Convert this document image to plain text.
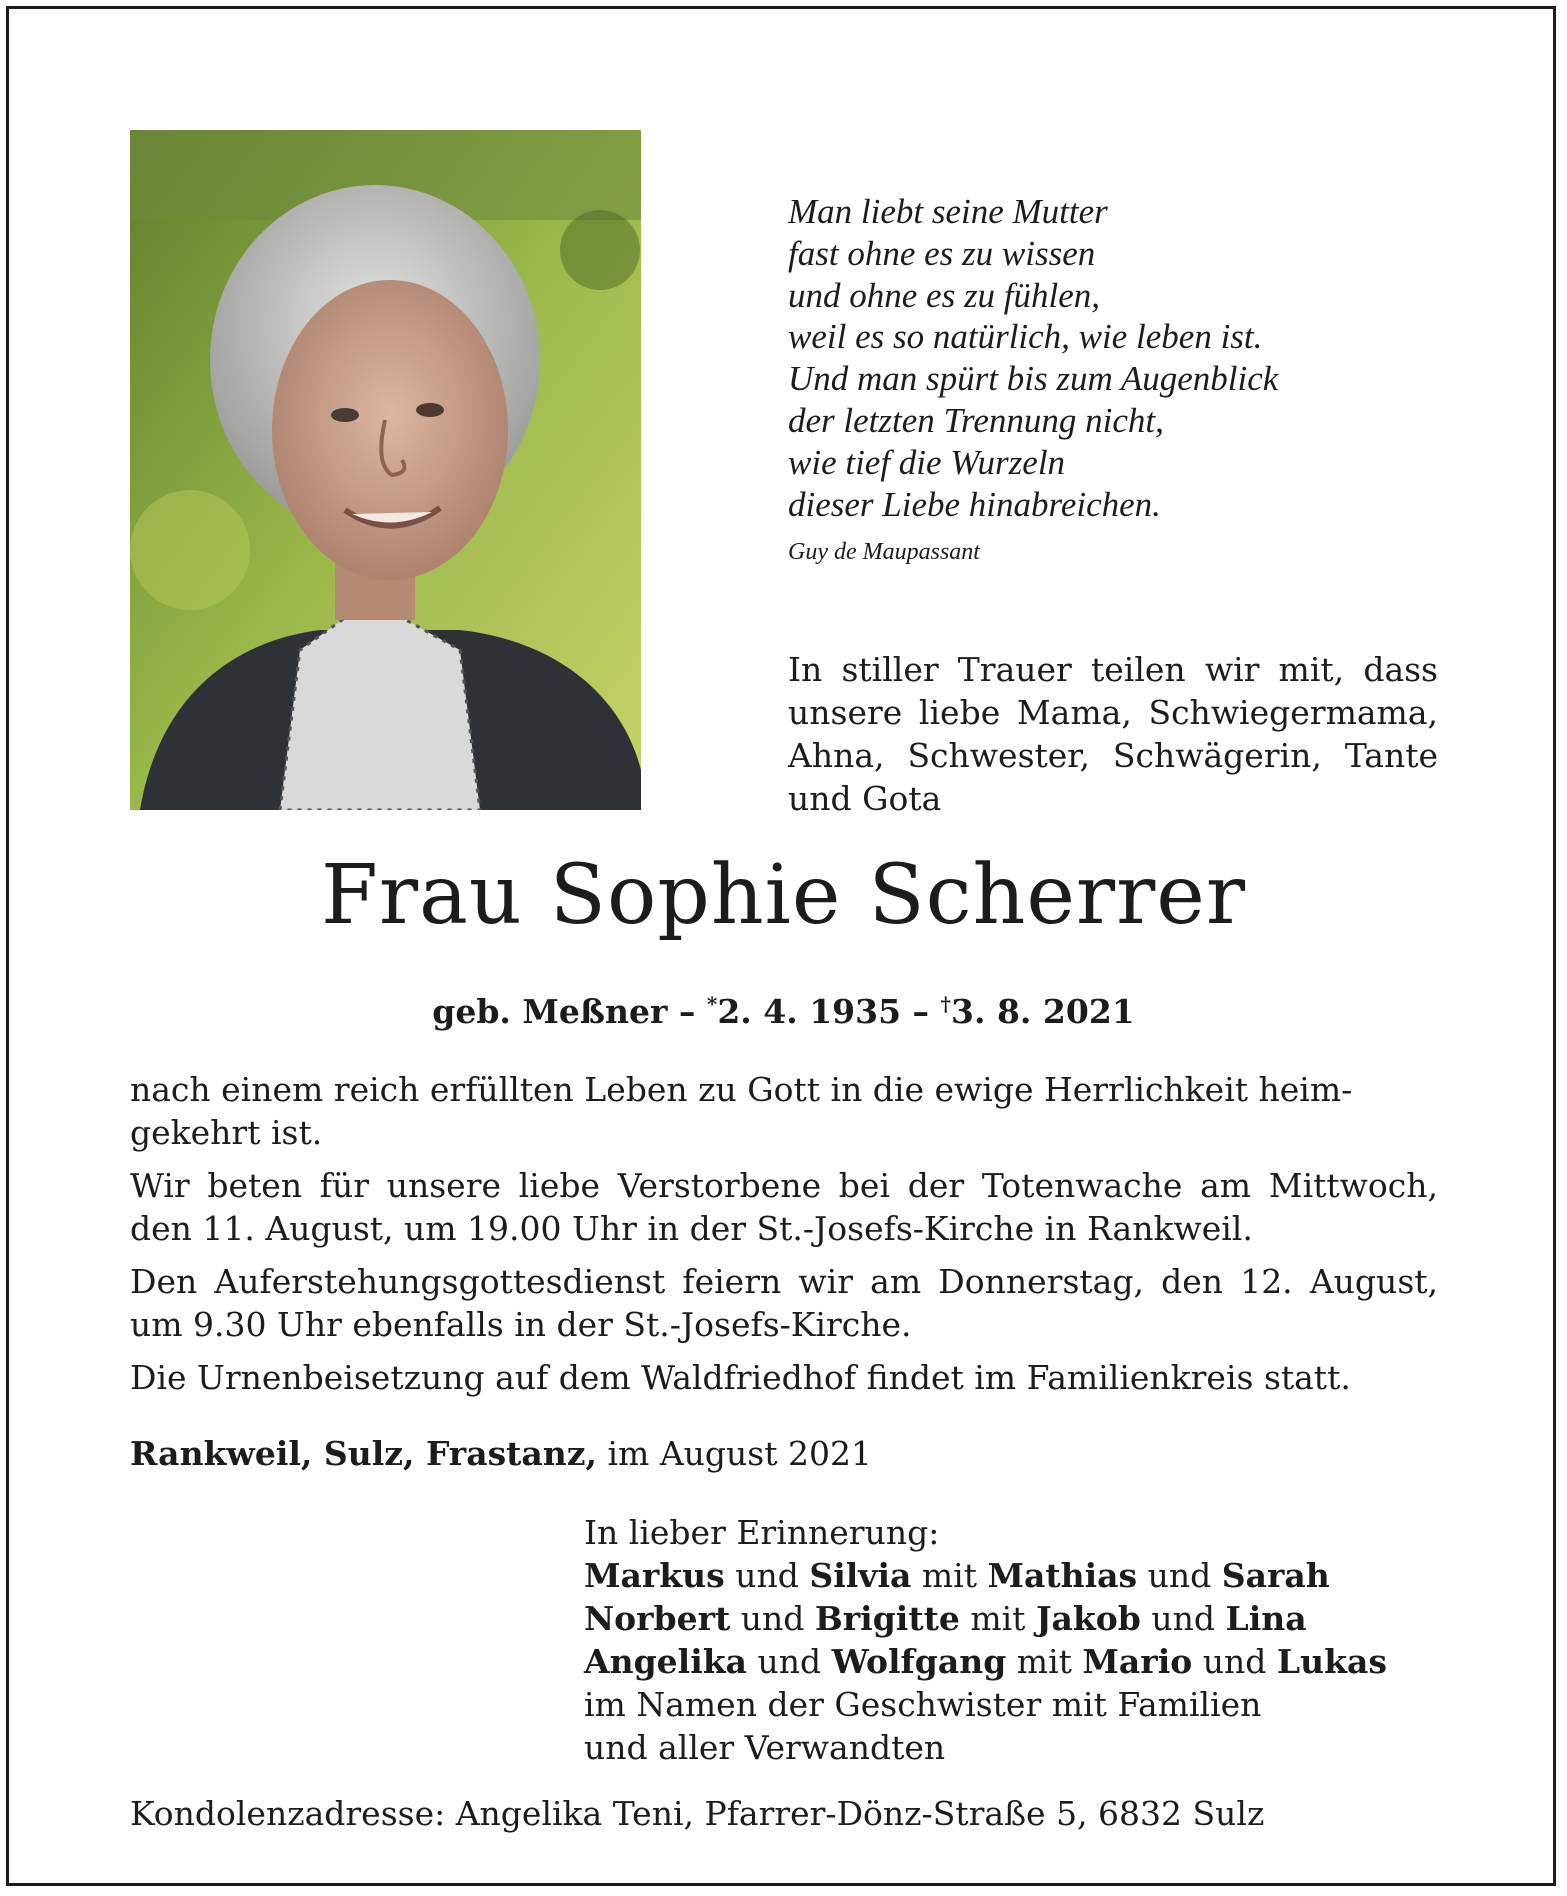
Man liebt seine Mutter
fast ohne es zu wissen
und ohne es zu fühlen,
weil es so natürlich, wie leben ist.
Und man spürt bis zum Augenblick
der letzten Trennung nicht,
wie tief die Wurzeln
dieser Liebe hinabreichen.
Guy de Maupassant
In stiller Trauer teilen wir mit, dass unsere liebe Mama, Schwiegermama, Ahna, Schwester, Schwägerin, Tante und Gota
Frau Sophie Scherrer
geb. Meßner – *2. 4. 1935 – †3. 8. 2021

nach einem reich erfüllten Leben zu Gott in die ewige Herrlichkeit heim-
gekehrt ist.

Wir beten für unsere liebe Verstorbene bei der Totenwache am Mittwoch, den 11. August, um 19.00 Uhr in der St.-Josefs-Kirche in Rankweil.

Den Auferstehungsgottesdienst feiern wir am Donnerstag, den 12. August, um 9.30 Uhr ebenfalls in der St.-Josefs-Kirche.

Die Urnenbeisetzung auf dem Waldfriedhof findet im Familienkreis statt.

Rankweil, Sulz, Frastanz, im August 2021
In lieber Erinnerung:
Markus und Silvia mit Mathias und Sarah
Norbert und Brigitte mit Jakob und Lina
Angelika und Wolfgang mit Mario und Lukas
im Namen der Geschwister mit Familien
und aller Verwandten
Kondolenzadresse: Angelika Teni, Pfarrer-Dönz-Straße 5, 6832 Sulz
